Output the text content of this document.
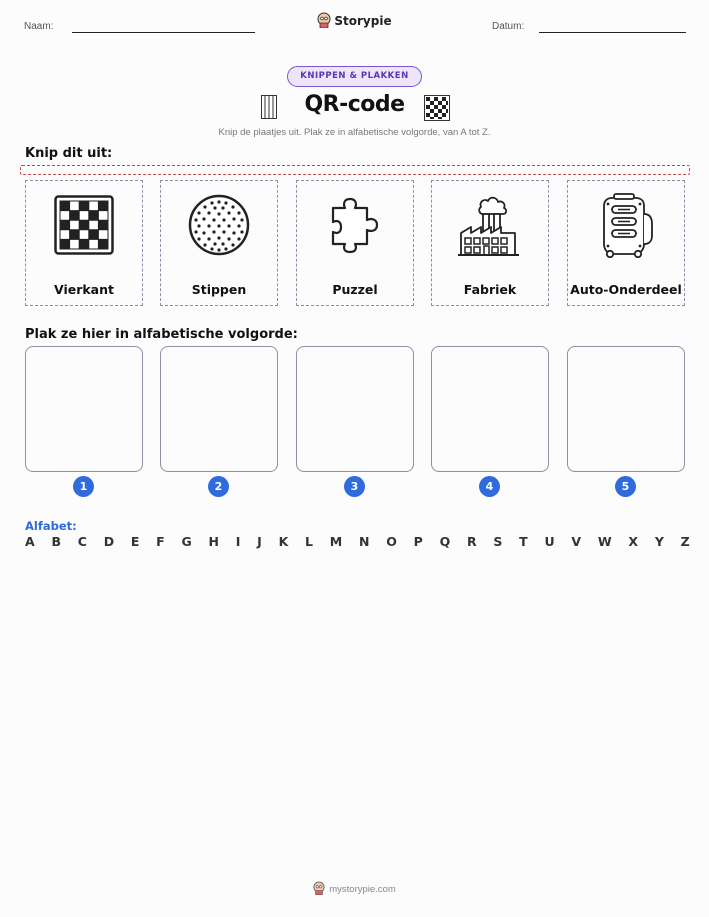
Naam:	Storypie	Datum:
KNIPPEN & PLAKKEN
QR-code
Knip de plaatjes uit. Plak ze in alfabetische volgorde, van A tot Z.
Knip dit uit:
Vierkant	Stippen	Puzzel	Fabriek	Auto-Onderdeel
Plak ze hier in alfabetische volgorde:
1	2	3	4	5
Alfabet:
A B C D E F G H I J K L M N O P Q R S T U V W X Y Z
mystorypie.com
